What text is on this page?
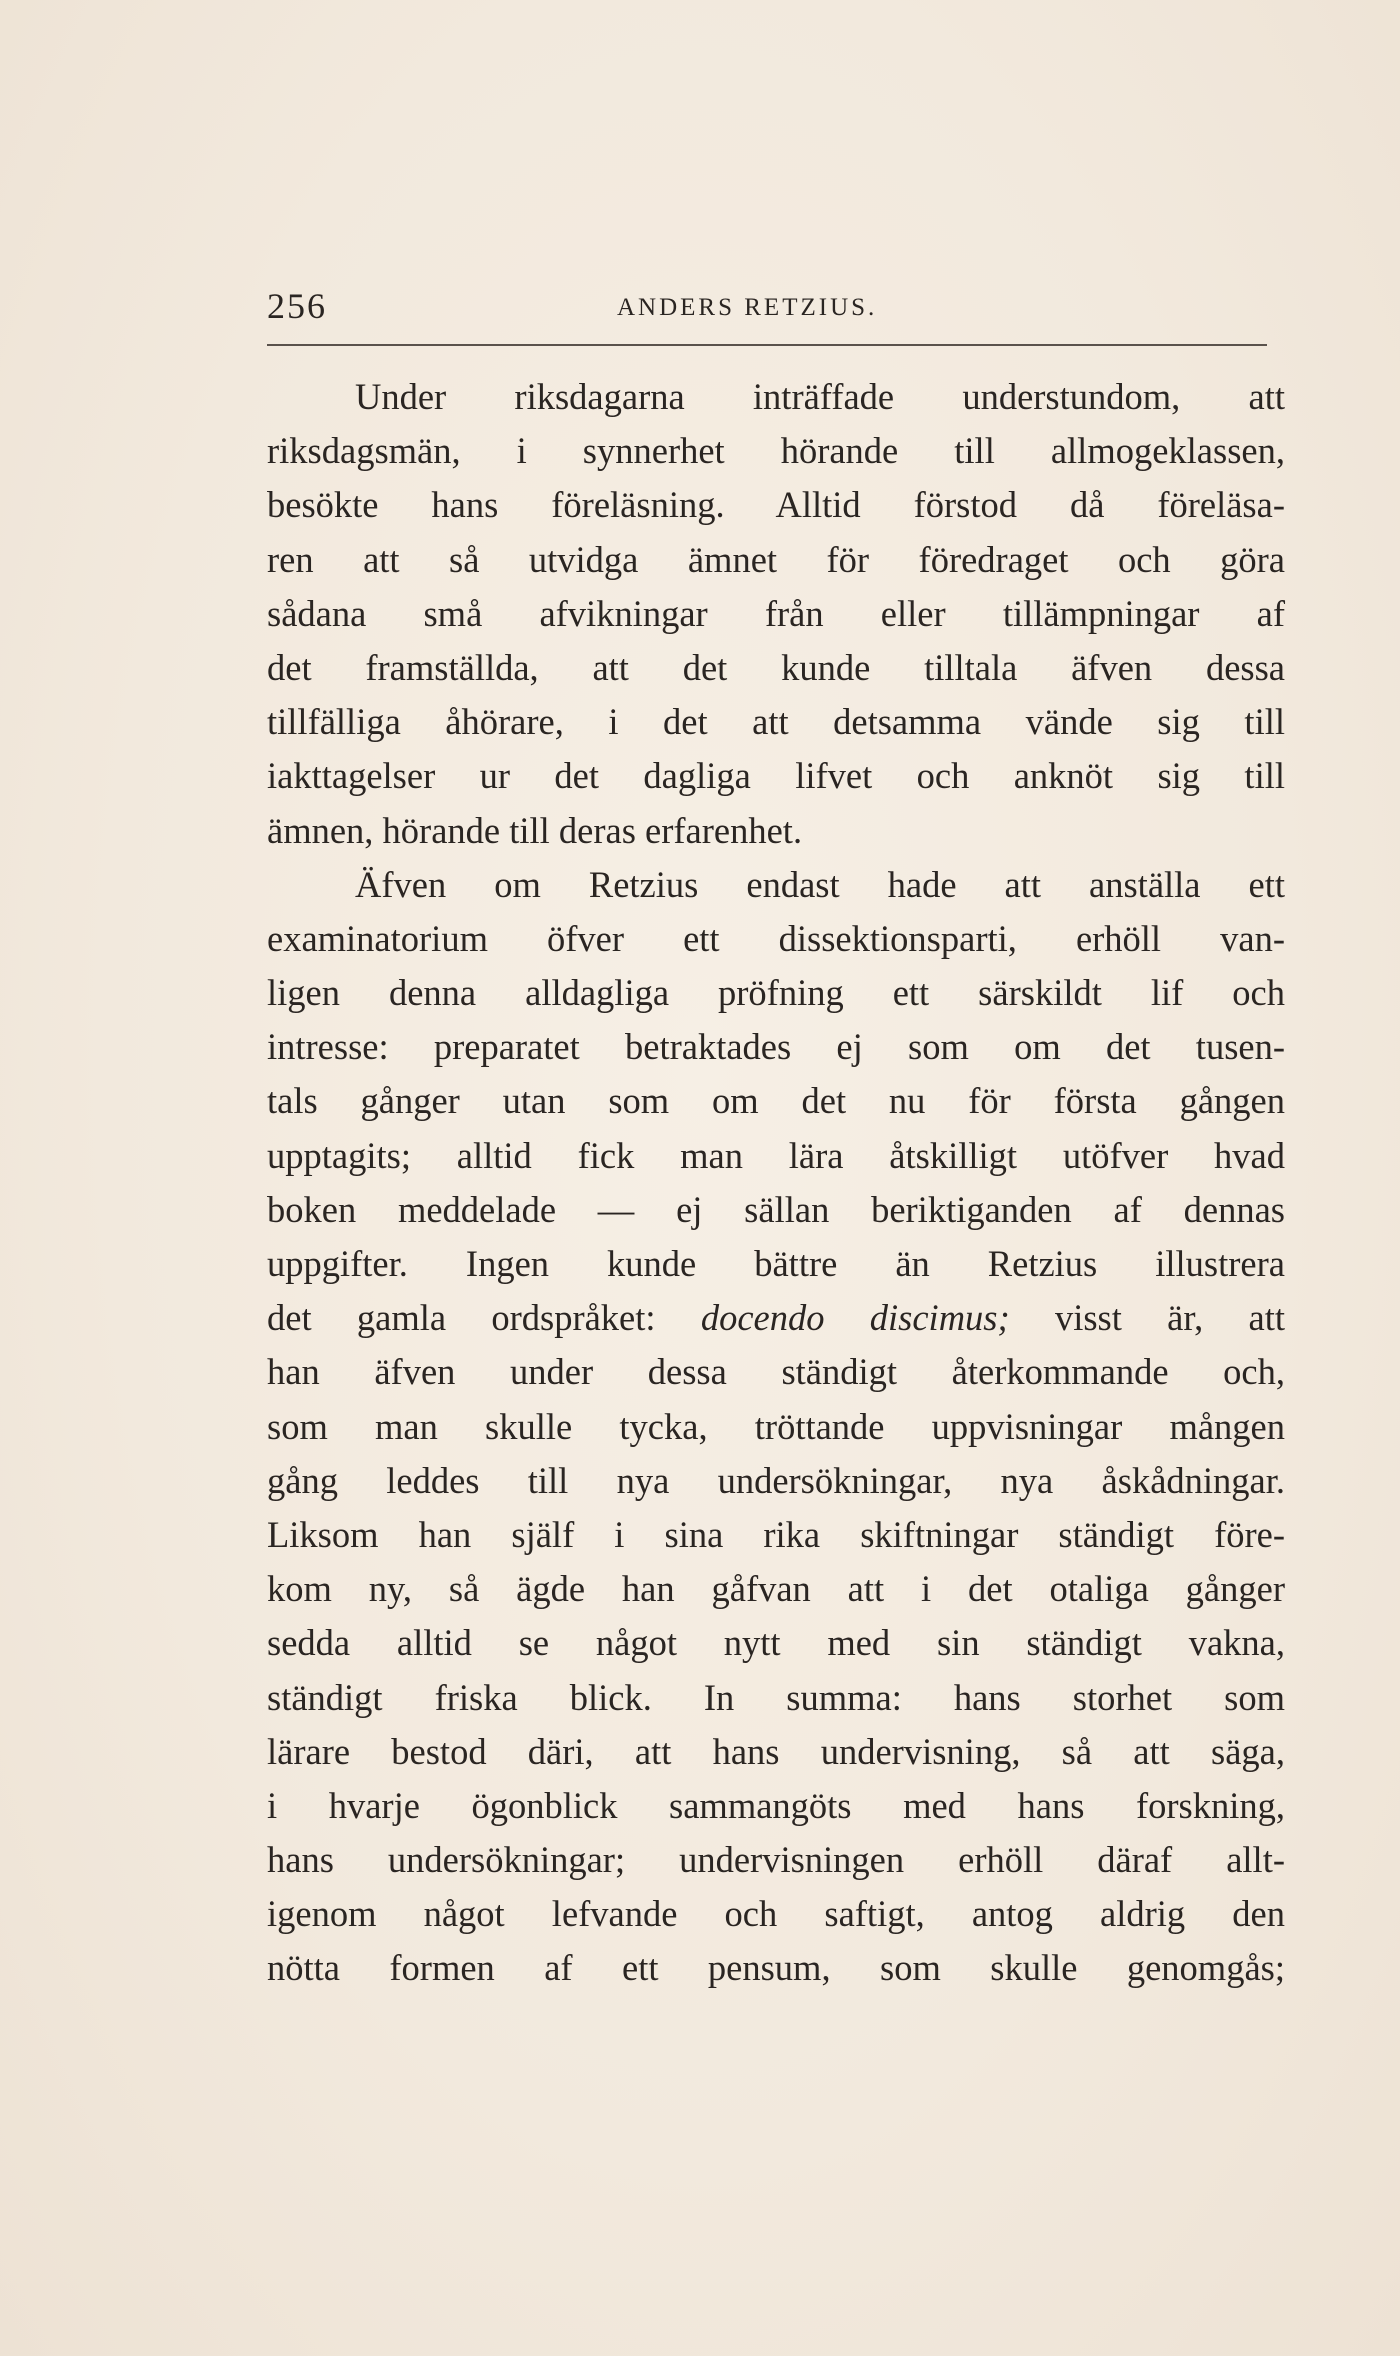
256	ANDERS RETZIUS.
Under riksdagarna inträffade understundom, att
riksdagsmän, i synnerhet hörande till allmogeklassen,
besökte hans föreläsning. Alltid förstod då föreläsa-
ren att så utvidga ämnet för föredraget och göra
sådana små afvikningar från eller tillämpningar af
det framställda, att det kunde tilltala äfven dessa
tillfälliga åhörare, i det att detsamma vände sig till
iakttagelser ur det dagliga lifvet och anknöt sig till
ämnen, hörande till deras erfarenhet.
Äfven om Retzius endast hade att anställa ett
examinatorium öfver ett dissektionsparti, erhöll van-
ligen denna alldagliga pröfning ett särskildt lif och
intresse: preparatet betraktades ej som om det tusen-
tals gånger utan som om det nu för första gången
upptagits; alltid fick man lära åtskilligt utöfver hvad
boken meddelade — ej sällan beriktiganden af dennas
uppgifter. Ingen kunde bättre än Retzius illustrera
det gamla ordspråket: docendo discimus; visst är, att
han äfven under dessa ständigt återkommande och,
som man skulle tycka, tröttande uppvisningar mången
gång leddes till nya undersökningar, nya åskådningar.
Liksom han själf i sina rika skiftningar ständigt före-
kom ny, så ägde han gåfvan att i det otaliga gånger
sedda alltid se något nytt med sin ständigt vakna,
ständigt friska blick. In summa: hans storhet som
lärare bestod däri, att hans undervisning, så att säga,
i hvarje ögonblick sammangöts med hans forskning,
hans undersökningar; undervisningen erhöll däraf allt-
igenom något lefvande och saftigt, antog aldrig den
nötta formen af ett pensum, som skulle genomgås;
